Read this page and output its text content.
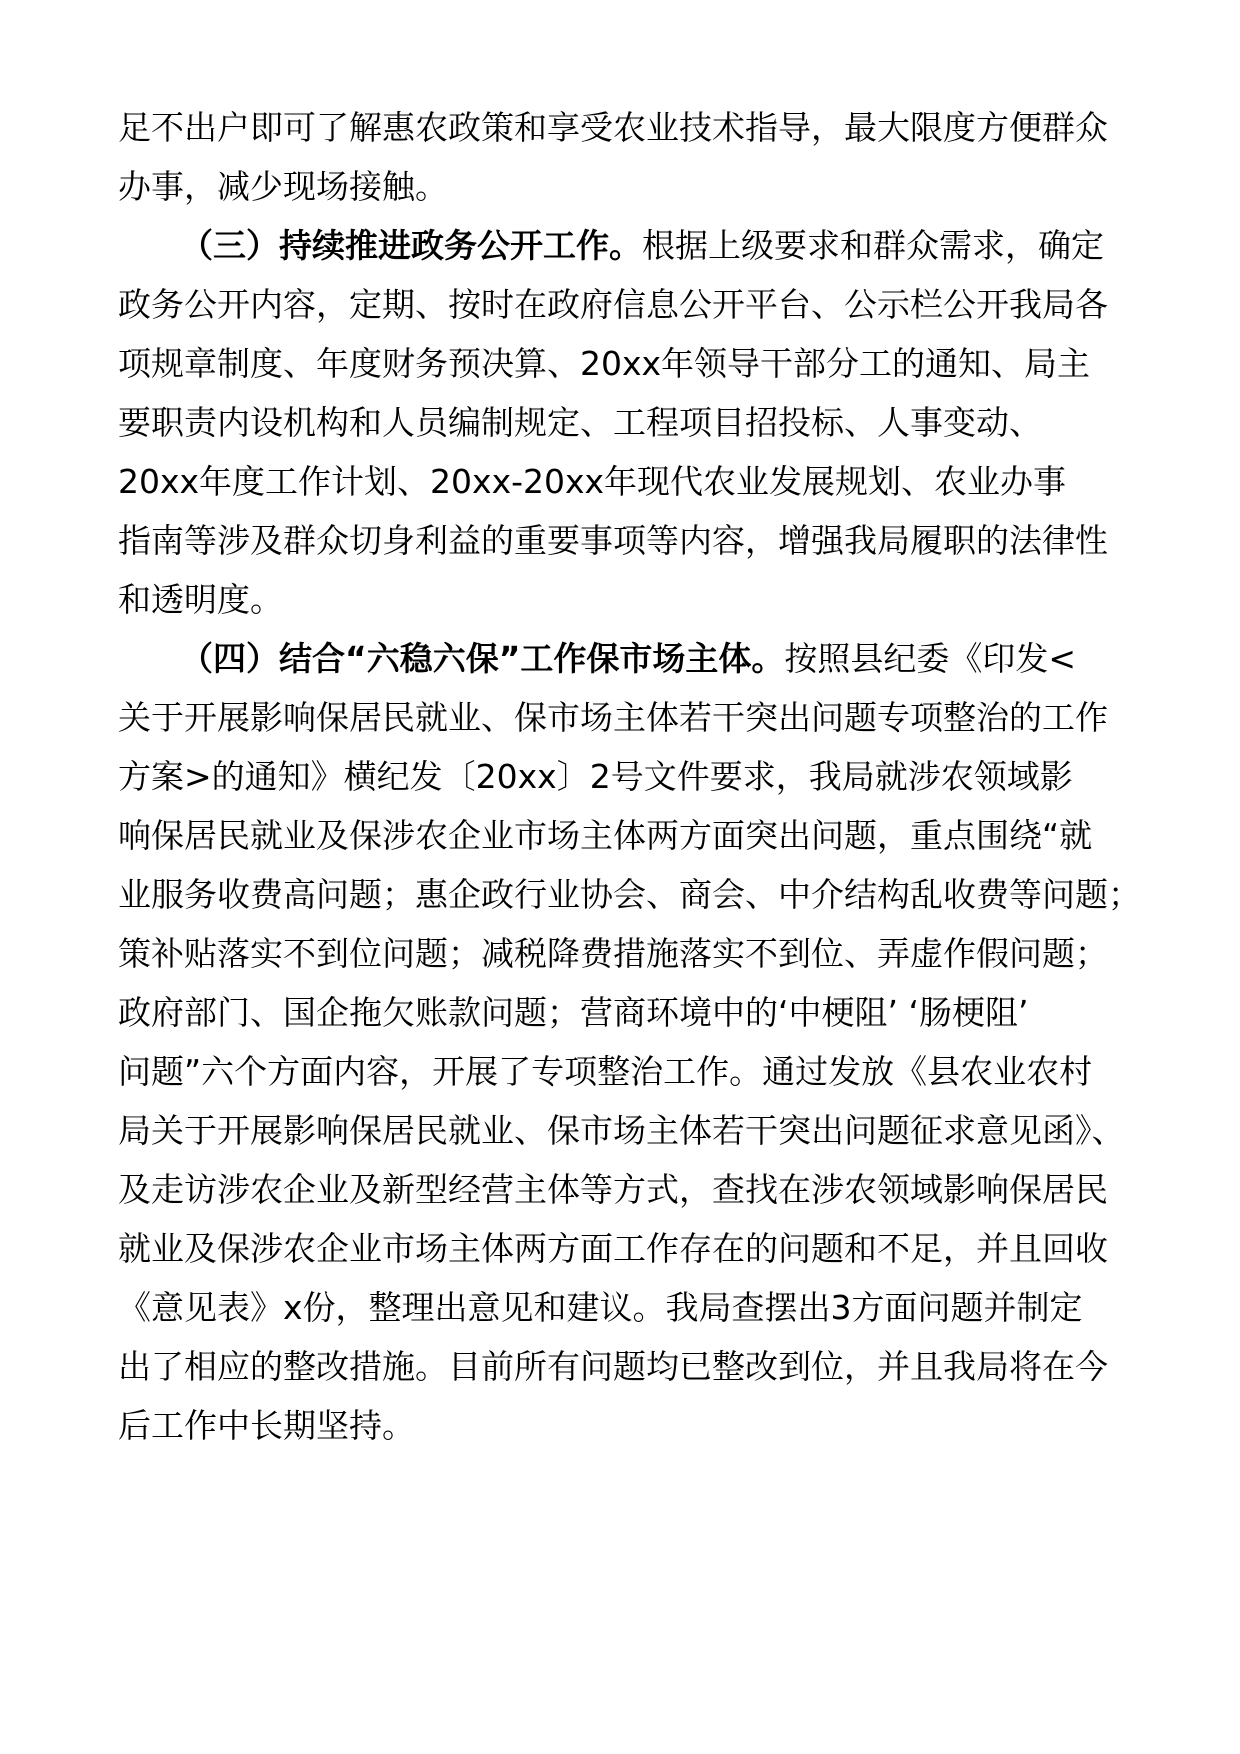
足不出户即可了解惠农政策和享受农业技术指导，最大限度方便群众
办事，减少现场接触。
（三）持续推进政务公开工作。根据上级要求和群众需求，确定
政务公开内容，定期、按时在政府信息公开平台、公示栏公开我局各
项规章制度、年度财务预决算、20xx年领导干部分工的通知、局主
要职责内设机构和人员编制规定、工程项目招投标、人事变动、
20xx年度工作计划、20xx-20xx年现代农业发展规划、农业办事
指南等涉及群众切身利益的重要事项等内容，增强我局履职的法律性
和透明度。
（四）结合“六稳六保”工作保市场主体。按照县纪委《印发<
关于开展影响保居民就业、保市场主体若干突出问题专项整治的工作
方案>的通知》横纪发〔20xx〕2号文件要求，我局就涉农领域影
响保居民就业及保涉农企业市场主体两方面突出问题，重点围绕“就
业服务收费高问题；惠企政行业协会、商会、中介结构乱收费等问题；
策补贴落实不到位问题；减税降费措施落实不到位、弄虚作假问题；
政府部门、国企拖欠账款问题；营商环境中的‘中梗阻’ ‘肠梗阻’
问题”六个方面内容，开展了专项整治工作。通过发放《县农业农村
局关于开展影响保居民就业、保市场主体若干突出问题征求意见函》、
及走访涉农企业及新型经营主体等方式，查找在涉农领域影响保居民
就业及保涉农企业市场主体两方面工作存在的问题和不足，并且回收
《意见表》x份，整理出意见和建议。我局查摆出3方面问题并制定
出了相应的整改措施。目前所有问题均已整改到位，并且我局将在今
后工作中长期坚持。
